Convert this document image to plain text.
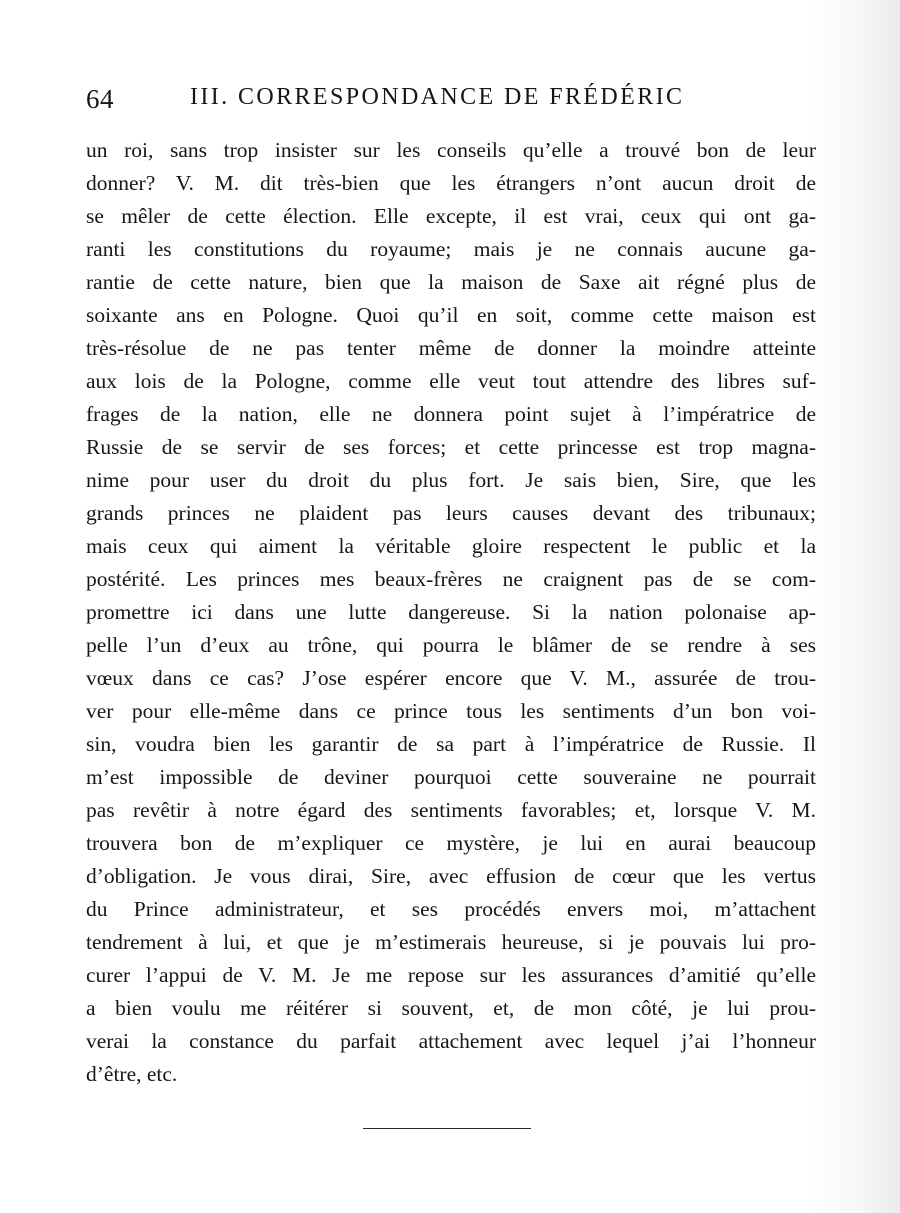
64	III. CORRESPONDANCE DE FRÉDÉRIC
un roi, sans trop insister sur les conseils qu’elle a trouvé bon de leur
donner? V. M. dit très-bien que les étrangers n’ont aucun droit de
se mêler de cette élection. Elle excepte, il est vrai, ceux qui ont ga-
ranti les constitutions du royaume; mais je ne connais aucune ga-
rantie de cette nature, bien que la maison de Saxe ait régné plus de
soixante ans en Pologne. Quoi qu’il en soit, comme cette maison est
très-résolue de ne pas tenter même de donner la moindre atteinte
aux lois de la Pologne, comme elle veut tout attendre des libres suf-
frages de la nation, elle ne donnera point sujet à l’impératrice de
Russie de se servir de ses forces; et cette princesse est trop magna-
nime pour user du droit du plus fort. Je sais bien, Sire, que les
grands princes ne plaident pas leurs causes devant des tribunaux;
mais ceux qui aiment la véritable gloire respectent le public et la
postérité. Les princes mes beaux-frères ne craignent pas de se com-
promettre ici dans une lutte dangereuse. Si la nation polonaise ap-
pelle l’un d’eux au trône, qui pourra le blâmer de se rendre à ses
vœux dans ce cas? J’ose espérer encore que V. M., assurée de trou-
ver pour elle-même dans ce prince tous les sentiments d’un bon voi-
sin, voudra bien les garantir de sa part à l’impératrice de Russie. Il
m’est impossible de deviner pourquoi cette souveraine ne pourrait
pas revêtir à notre égard des sentiments favorables; et, lorsque V. M.
trouvera bon de m’expliquer ce mystère, je lui en aurai beaucoup
d’obligation. Je vous dirai, Sire, avec effusion de cœur que les vertus
du Prince administrateur, et ses procédés envers moi, m’attachent
tendrement à lui, et que je m’estimerais heureuse, si je pouvais lui pro-
curer l’appui de V. M. Je me repose sur les assurances d’amitié qu’elle
a bien voulu me réitérer si souvent, et, de mon côté, je lui prou-
verai la constance du parfait attachement avec lequel j’ai l’honneur
d’être, etc.
